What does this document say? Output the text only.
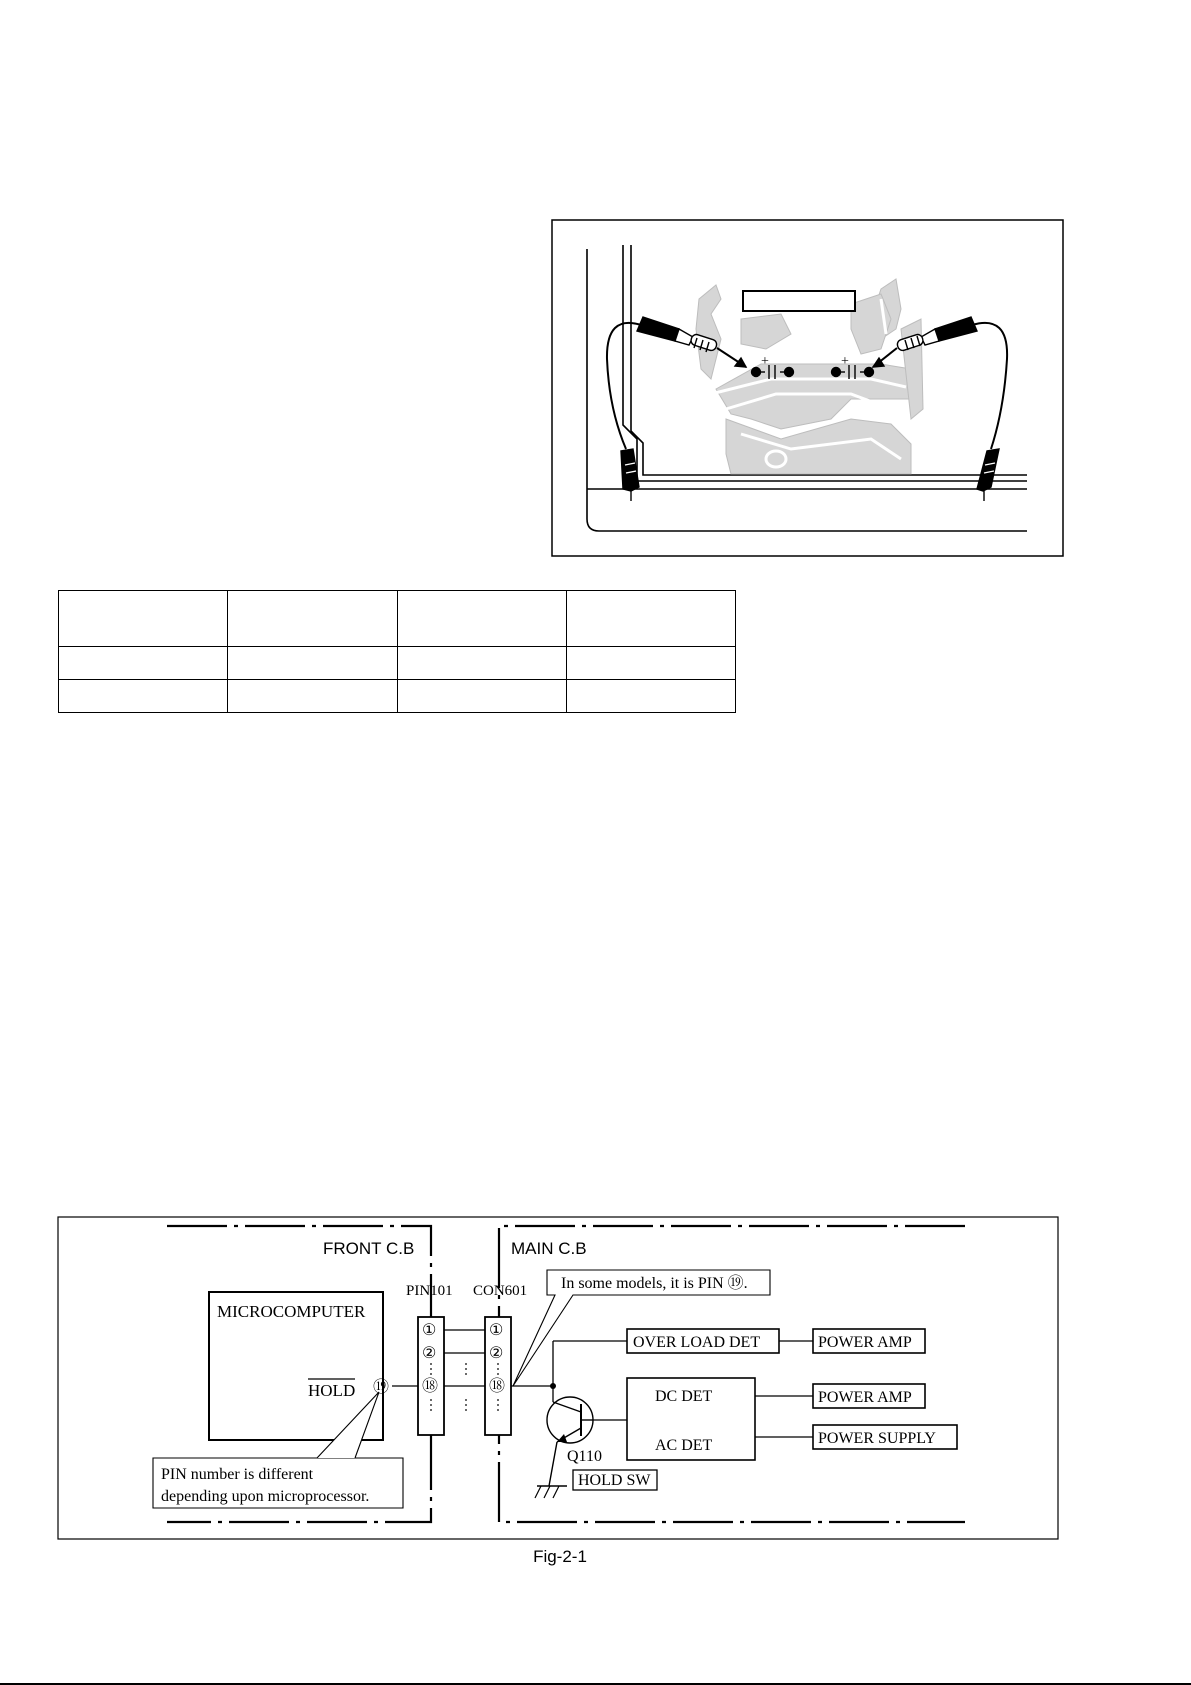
+	+

FRONT C.B	MAIN C.B
MICROCOMPUTER
HOLD ⑲
PIN101 CON601
①
②
⑱
①
②
⑱
Q110
HOLD SW
OVER LOAD DET
DC DET
AC DET
POWER AMP
POWER AMP
POWER SUPPLY
In some models, it is PIN ⑲.
PIN number is different
depending upon microprocessor.
Fig-2-1
